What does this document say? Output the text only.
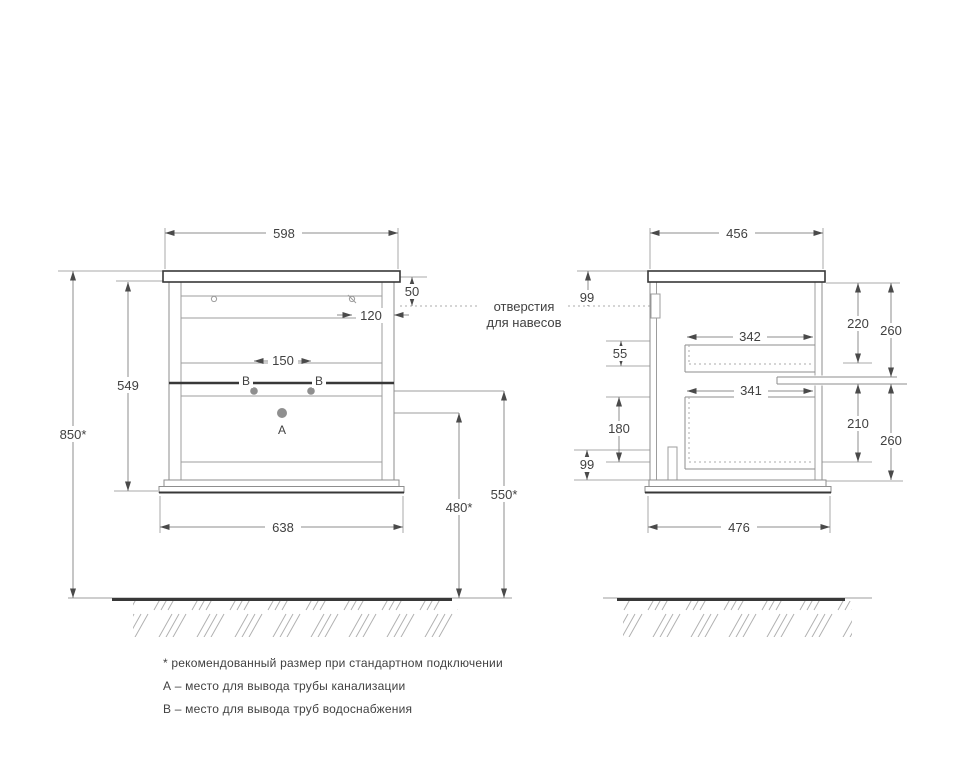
598
50
120
150
549
850*
638
480*
550*
В	В
А
456
99
55
342
341
220 260
210
260
180
99
476
отверстия
для навесов
* рекомендованный размер при стандартном подключении
А – место для вывода трубы канализации
В – место для вывода труб водоснабжения
